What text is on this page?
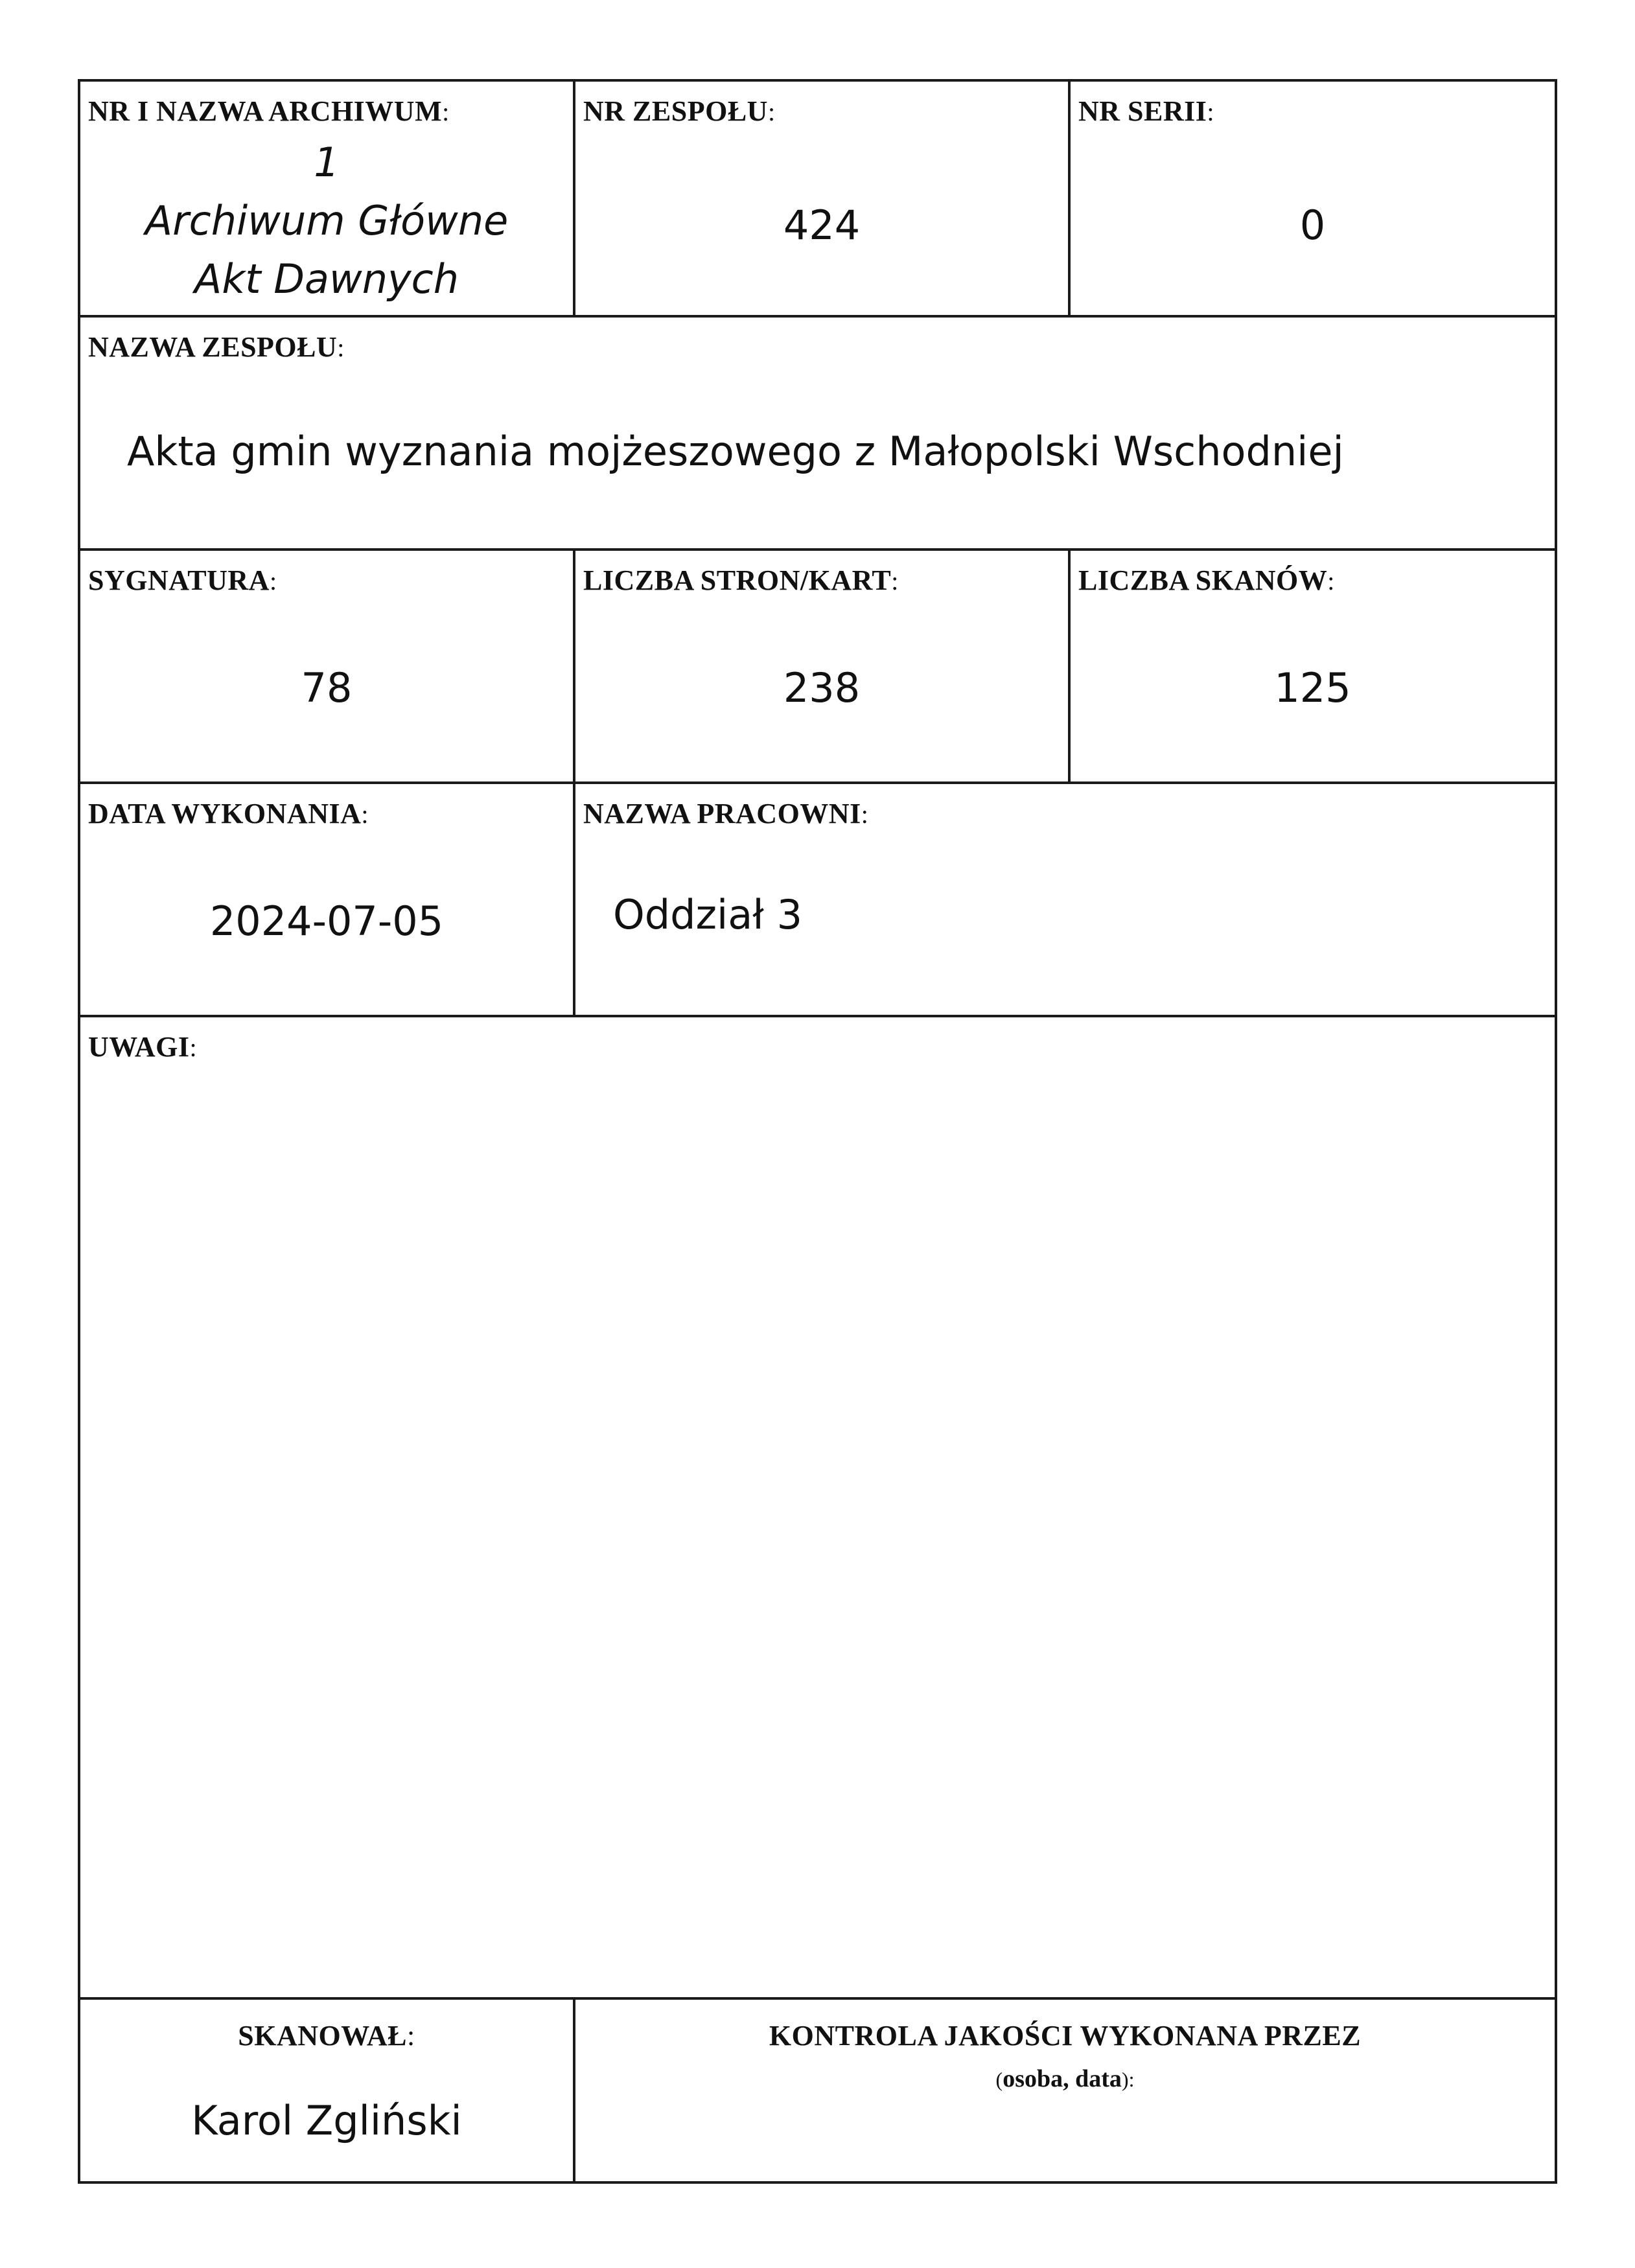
NR I NAZWA ARCHIWUM:
1
Archiwum Główne
Akt Dawnych
NR ZESPOŁU:
424
NR SERII:
0
NAZWA ZESPOŁU:
Akta gmin wyznania mojżeszowego z Małopolski Wschodniej
SYGNATURA:
78
LICZBA STRON/KART:
238
LICZBA SKANÓW:
125
DATA WYKONANIA:
2024-07-05
NAZWA PRACOWNI:
Oddział 3
UWAGI:
SKANOWAŁ:
Karol Zgliński
KONTROLA JAKOŚCI WYKONANA PRZEZ
(osoba, data):
